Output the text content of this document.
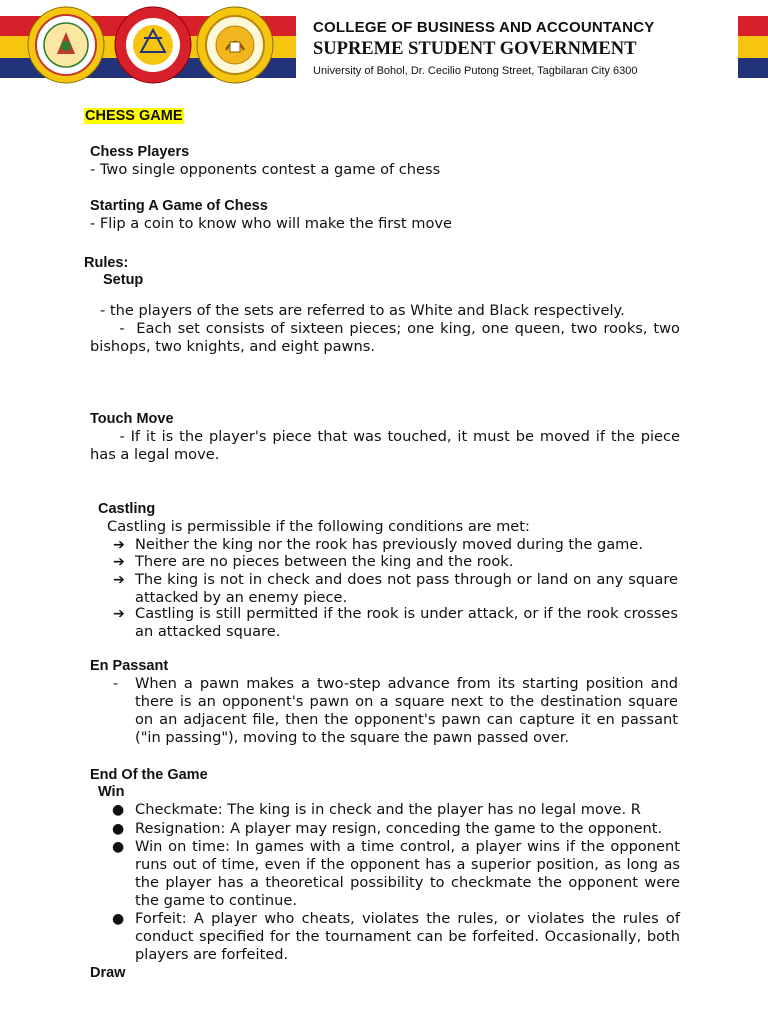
COLLEGE OF BUSINESS AND ACCOUNTANCY
SUPREME STUDENT GOVERNMENT
University of Bohol, Dr. Cecilio Putong Street, Tagbilaran City 6300
CHESS GAME
Chess Players
- Two single opponents contest a game of chess
Starting A Game of Chess
- Flip a coin to know who will make the first move
Rules:
Setup
- the players of the sets are referred to as White and Black respectively.
-  Each set consists of sixteen pieces; one king, one queen, two rooks, two bishops, two knights, and eight pawns.
Touch Move
- If it is the player's piece that was touched, it must be moved if the piece has a legal move.
Castling
Castling is permissible if the following conditions are met:
➔ Neither the king nor the rook has previously moved during the game.
➔ There are no pieces between the king and the rook.
➔ The king is not in check and does not pass through or land on any square attacked by an enemy piece.
➔ Castling is still permitted if the rook is under attack, or if the rook crosses an attacked square.
En Passant
- When a pawn makes a two-step advance from its starting position and there is an opponent's pawn on a square next to the destination square on an adjacent file, then the opponent's pawn can capture it en passant ("in passing"), moving to the square the pawn passed over.
End Of the Game
Win
● Checkmate: The king is in check and the player has no legal move. R
● Resignation: A player may resign, conceding the game to the opponent.
● Win on time: In games with a time control, a player wins if the opponent runs out of time, even if the opponent has a superior position, as long as the player has a theoretical possibility to checkmate the opponent were the game to continue.
● Forfeit: A player who cheats, violates the rules, or violates the rules of conduct specified for the tournament can be forfeited. Occasionally, both players are forfeited.
Draw
